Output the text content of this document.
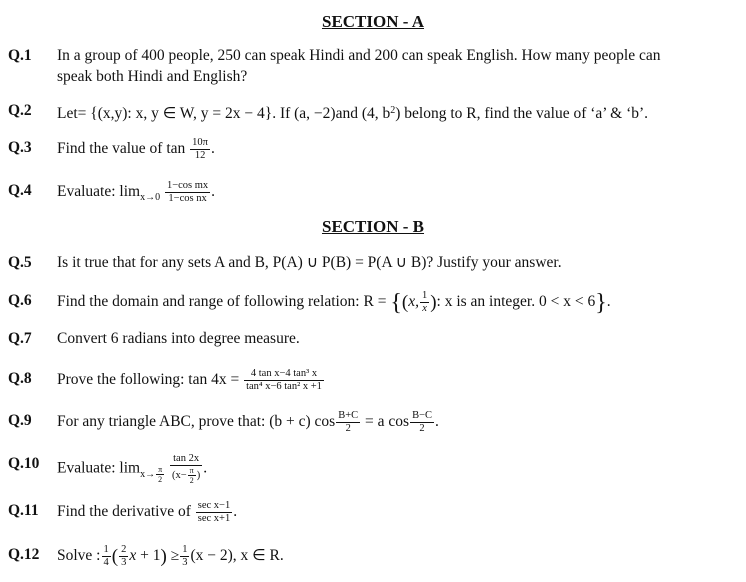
SECTION - A
Q.1 In a group of 400 people, 250 can speak Hindi and 200 can speak English. How many people can
speak both Hindi and English?
Q.2 Let= {(x,y): x, y ∈ W, y = 2x − 4}. If (a, −2)and (4, $b^2$) belong to R, find the value of ‘a’ & ‘b’.
Q.3 Find the value of $\tan \frac{10\pi}{12}$ .
Q.4 Evaluate: $\lim_{x\to 0} \frac{\text{1−cos mx}}{\text{1−cos nx}}$ .
SECTION - B
Q.5 Is it true that for any sets A and B, P(A) ∪ P(B) = P(A ∪ B)? Justify your answer.
Q.6 Find the domain and range of following relation: R = {(x, $\frac{1}{x}$ ): x is an integer. 0 < x < 6}.
Q.7 Convert 6 radians into degree measure.
Q.8 Prove the following: $\tan 4x = \frac{\text{4 tan x−4 tan³ x}}{\text{tan⁴ x−6 tan² x +1}}$
Q.9 For any triangle ABC, prove that: (b + c) $\cos \frac{B+C}{2} = a$ $\cos \frac{B-C}{2}$ .
Q.10 Evaluate: $\lim_{x\to \frac{\pi}{2}}$
$\frac{\tan 2x}{(x- \frac{\pi}{2} )}$ .
Q.11 Find the derivative of $\frac{\text{sec x−1}}{\text{sec x+1}}$ .
Q.12 Solve : $\frac{1}{4}$ ( $\frac{2}{3}$ $x + 1) \ge \frac{1}{3} (x - 2)$, x ∈ R.
